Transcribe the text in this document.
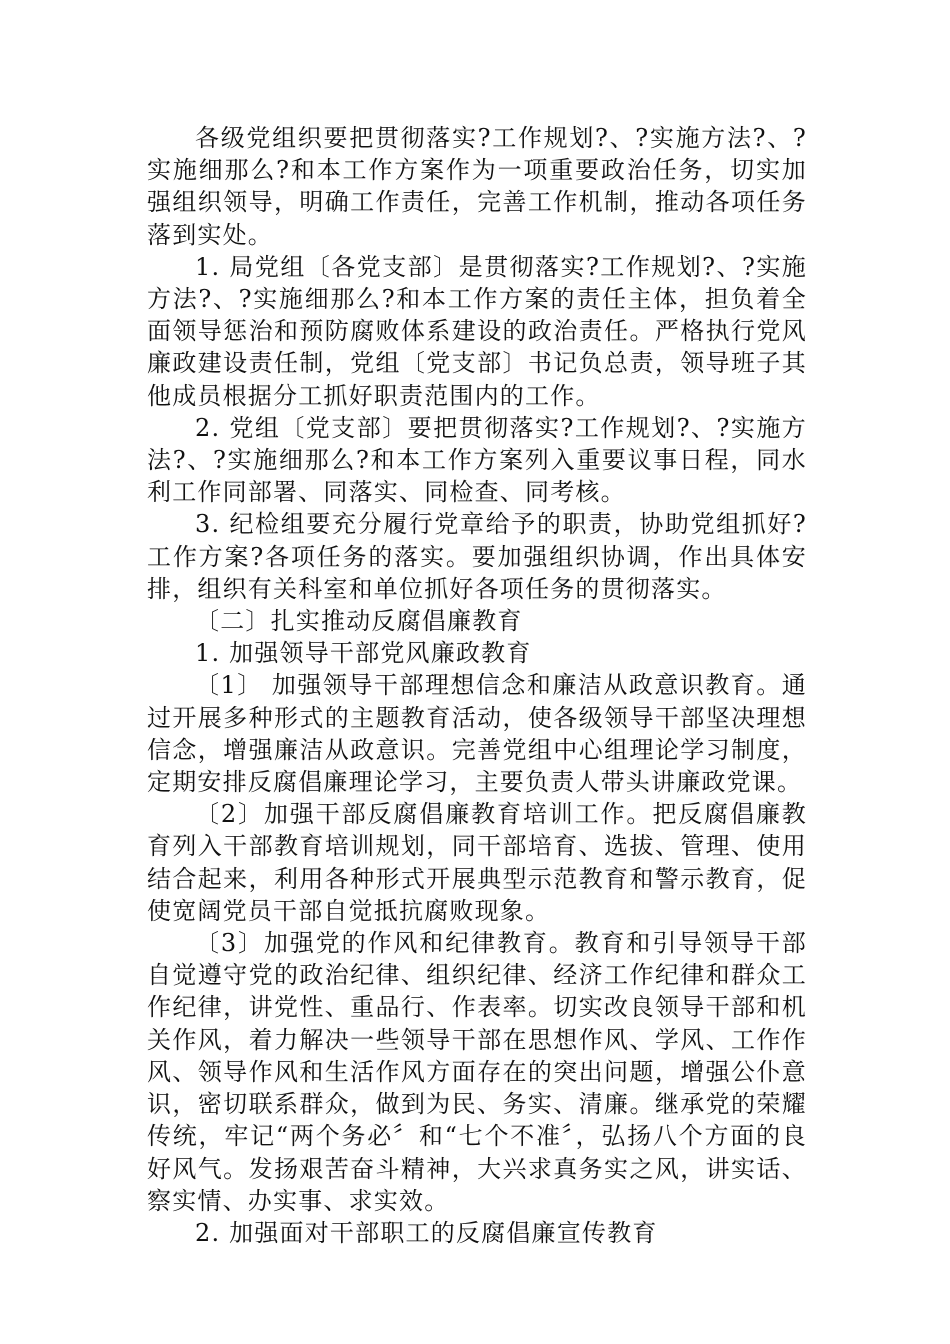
各级党组织要把贯彻落实?工作规划?、?实施方法?、?实施细那么?和本工作方案作为一项重要政治任务，切实加强组织领导，明确工作责任，完善工作机制，推动各项任务落到实处。

1. 局党组〔各党支部〕是贯彻落实?工作规划?、?实施方法?、?实施细那么?和本工作方案的责任主体，担负着全面领导惩治和预防腐败体系建设的政治责任。严格执行党风廉政建设责任制，党组〔党支部〕书记负总责，领导班子其他成员根据分工抓好职责范围内的工作。

2. 党组〔党支部〕要把贯彻落实?工作规划?、?实施方法?、?实施细那么?和本工作方案列入重要议事日程，同水利工作同部署、同落实、同检查、同考核。

3. 纪检组要充分履行党章给予的职责，协助党组抓好?工作方案?各项任务的落实。要加强组织协调，作出具体安排，组织有关科室和单位抓好各项任务的贯彻落实。

〔二〕扎实推动反腐倡廉教育

1. 加强领导干部党风廉政教育

〔1〕 加强领导干部理想信念和廉洁从政意识教育。通过开展多种形式的主题教育活动，使各级领导干部坚决理想信念，增强廉洁从政意识。完善党组中心组理论学习制度，定期安排反腐倡廉理论学习，主要负责人带头讲廉政党课。

〔2〕加强干部反腐倡廉教育培训工作。把反腐倡廉教育列入干部教育培训规划，同干部培育、选拔、管理、使用结合起来，利用各种形式开展典型示范教育和警示教育，促使宽阔党员干部自觉抵抗腐败现象。

〔3〕加强党的作风和纪律教育。教育和引导领导干部自觉遵守党的政治纪律、组织纪律、经济工作纪律和群众工作纪律，讲党性、重品行、作表率。切实改良领导干部和机关作风，着力解决一些领导干部在思想作风、学风、工作作风、领导作风和生活作风方面存在的突出问题，增强公仆意识，密切联系群众，做到为民、务实、清廉。继承党的荣耀传统，牢记“两个务必〞和“七个不准〞，弘扬八个方面的良好风气。发扬艰苦奋斗精神，大兴求真务实之风，讲实话、察实情、办实事、求实效。

2. 加强面对干部职工的反腐倡廉宣传教育
